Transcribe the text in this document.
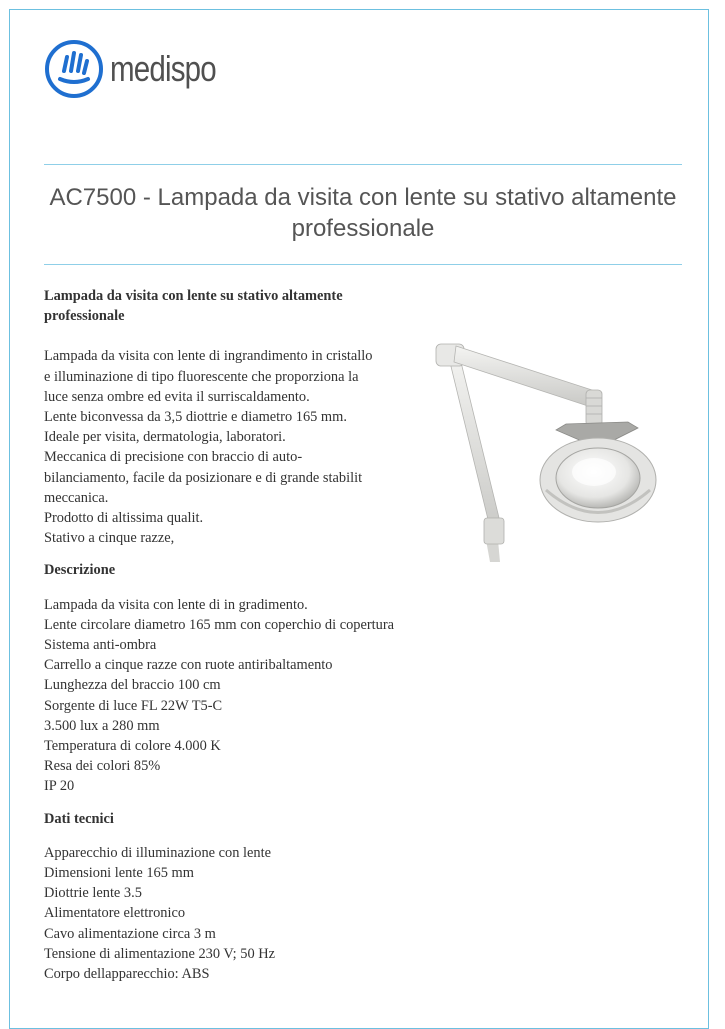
medispo
AC7500 - Lampada da visita con lente su stativo altamente professionale

Lampada da visita con lente su stativo altamente professionale

Lampada da visita con lente di ingrandimento in cristallo
e illuminazione di tipo fluorescente che proporziona la
luce senza ombre ed evita il surriscaldamento.
Lente biconvessa da 3,5 diottrie e diametro 165 mm.
Ideale per visita, dermatologia, laboratori.
Meccanica di precisione con braccio di auto-
bilanciamento, facile da posizionare e di grande stabilit
meccanica.
Prodotto di altissima qualit.
Stativo a cinque razze,

Descrizione

Lampada da visita con lente di in gradimento.
Lente circolare diametro 165 mm con coperchio di copertura
Sistema anti-ombra
Carrello a cinque razze con ruote antiribaltamento
Lunghezza del braccio 100 cm
Sorgente di luce FL 22W T5-C
3.500 lux a 280 mm
Temperatura di colore 4.000 K
Resa dei colori 85%
IP 20

Dati tecnici

Apparecchio di illuminazione con lente
Dimensioni lente 165 mm
Diottrie lente 3.5
Alimentatore elettronico
Cavo alimentazione circa 3 m
Tensione di alimentazione 230 V; 50 Hz
Corpo dellapparecchio: ABS
